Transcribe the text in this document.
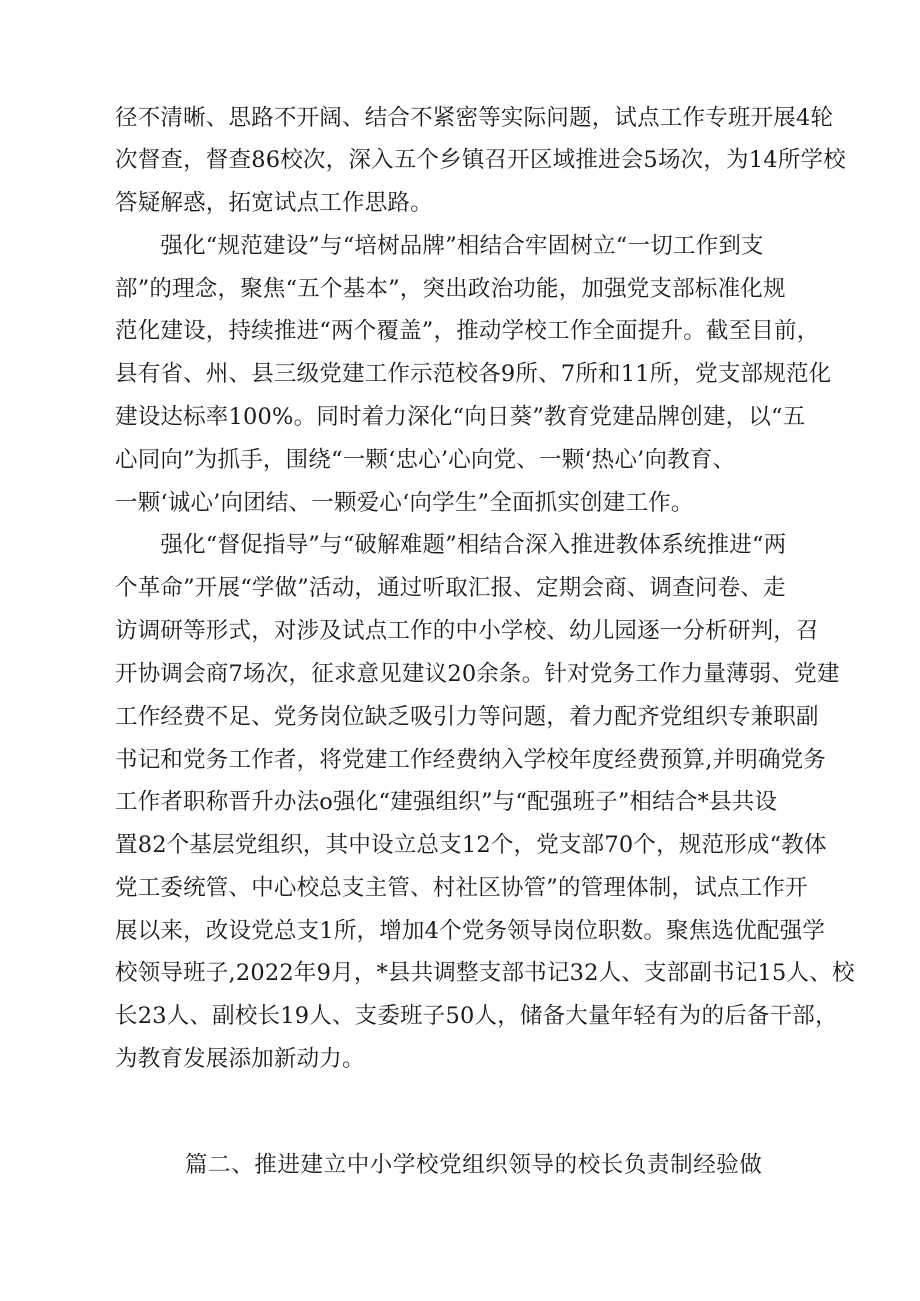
径不清晰、思路不开阔、结合不紧密等实际问题，试点工作专班开展4轮
次督查，督查86校次，深入五个乡镇召开区域推进会5场次，为14所学校
答疑解惑，拓宽试点工作思路。
　　强化“规范建设”与“培树品牌”相结合牢固树立“一切工作到支
部”的理念，聚焦“五个基本”，突出政治功能，加强党支部标准化规
范化建设，持续推进“两个覆盖”，推动学校工作全面提升。截至目前，
县有省、州、县三级党建工作示范校各9所、7所和11所，党支部规范化
建设达标率100%。同时着力深化“向日葵”教育党建品牌创建，以“五
心同向”为抓手，围绕“一颗‘忠心’心向党、一颗‘热心’向教育、
一颗‘诚心’向团结、一颗爱心‘向学生”全面抓实创建工作。
　　强化“督促指导”与“破解难题”相结合深入推进教体系统推进“两
个革命”开展“学做”活动，通过听取汇报、定期会商、调查问卷、走
访调研等形式，对涉及试点工作的中小学校、幼儿园逐一分析研判，召
开协调会商7场次，征求意见建议20余条。针对党务工作力量薄弱、党建
工作经费不足、党务岗位缺乏吸引力等问题，着力配齐党组织专兼职副
书记和党务工作者，将党建工作经费纳入学校年度经费预算,并明确党务
工作者职称晋升办法o强化“建强组织”与“配强班子”相结合*县共设
置82个基层党组织，其中设立总支12个，党支部70个，规范形成“教体
党工委统管、中心校总支主管、村社区协管”的管理体制，试点工作开
展以来，改设党总支1所，增加4个党务领导岗位职数。聚焦选优配强学
校领导班子,2022年9月，*县共调整支部书记32人、支部副书记15人、校
长23人、副校长19人、支委班子50人，储备大量年轻有为的后备干部，
为教育发展添加新动力。
篇二、推进建立中小学校党组织领导的校长负责制经验做
